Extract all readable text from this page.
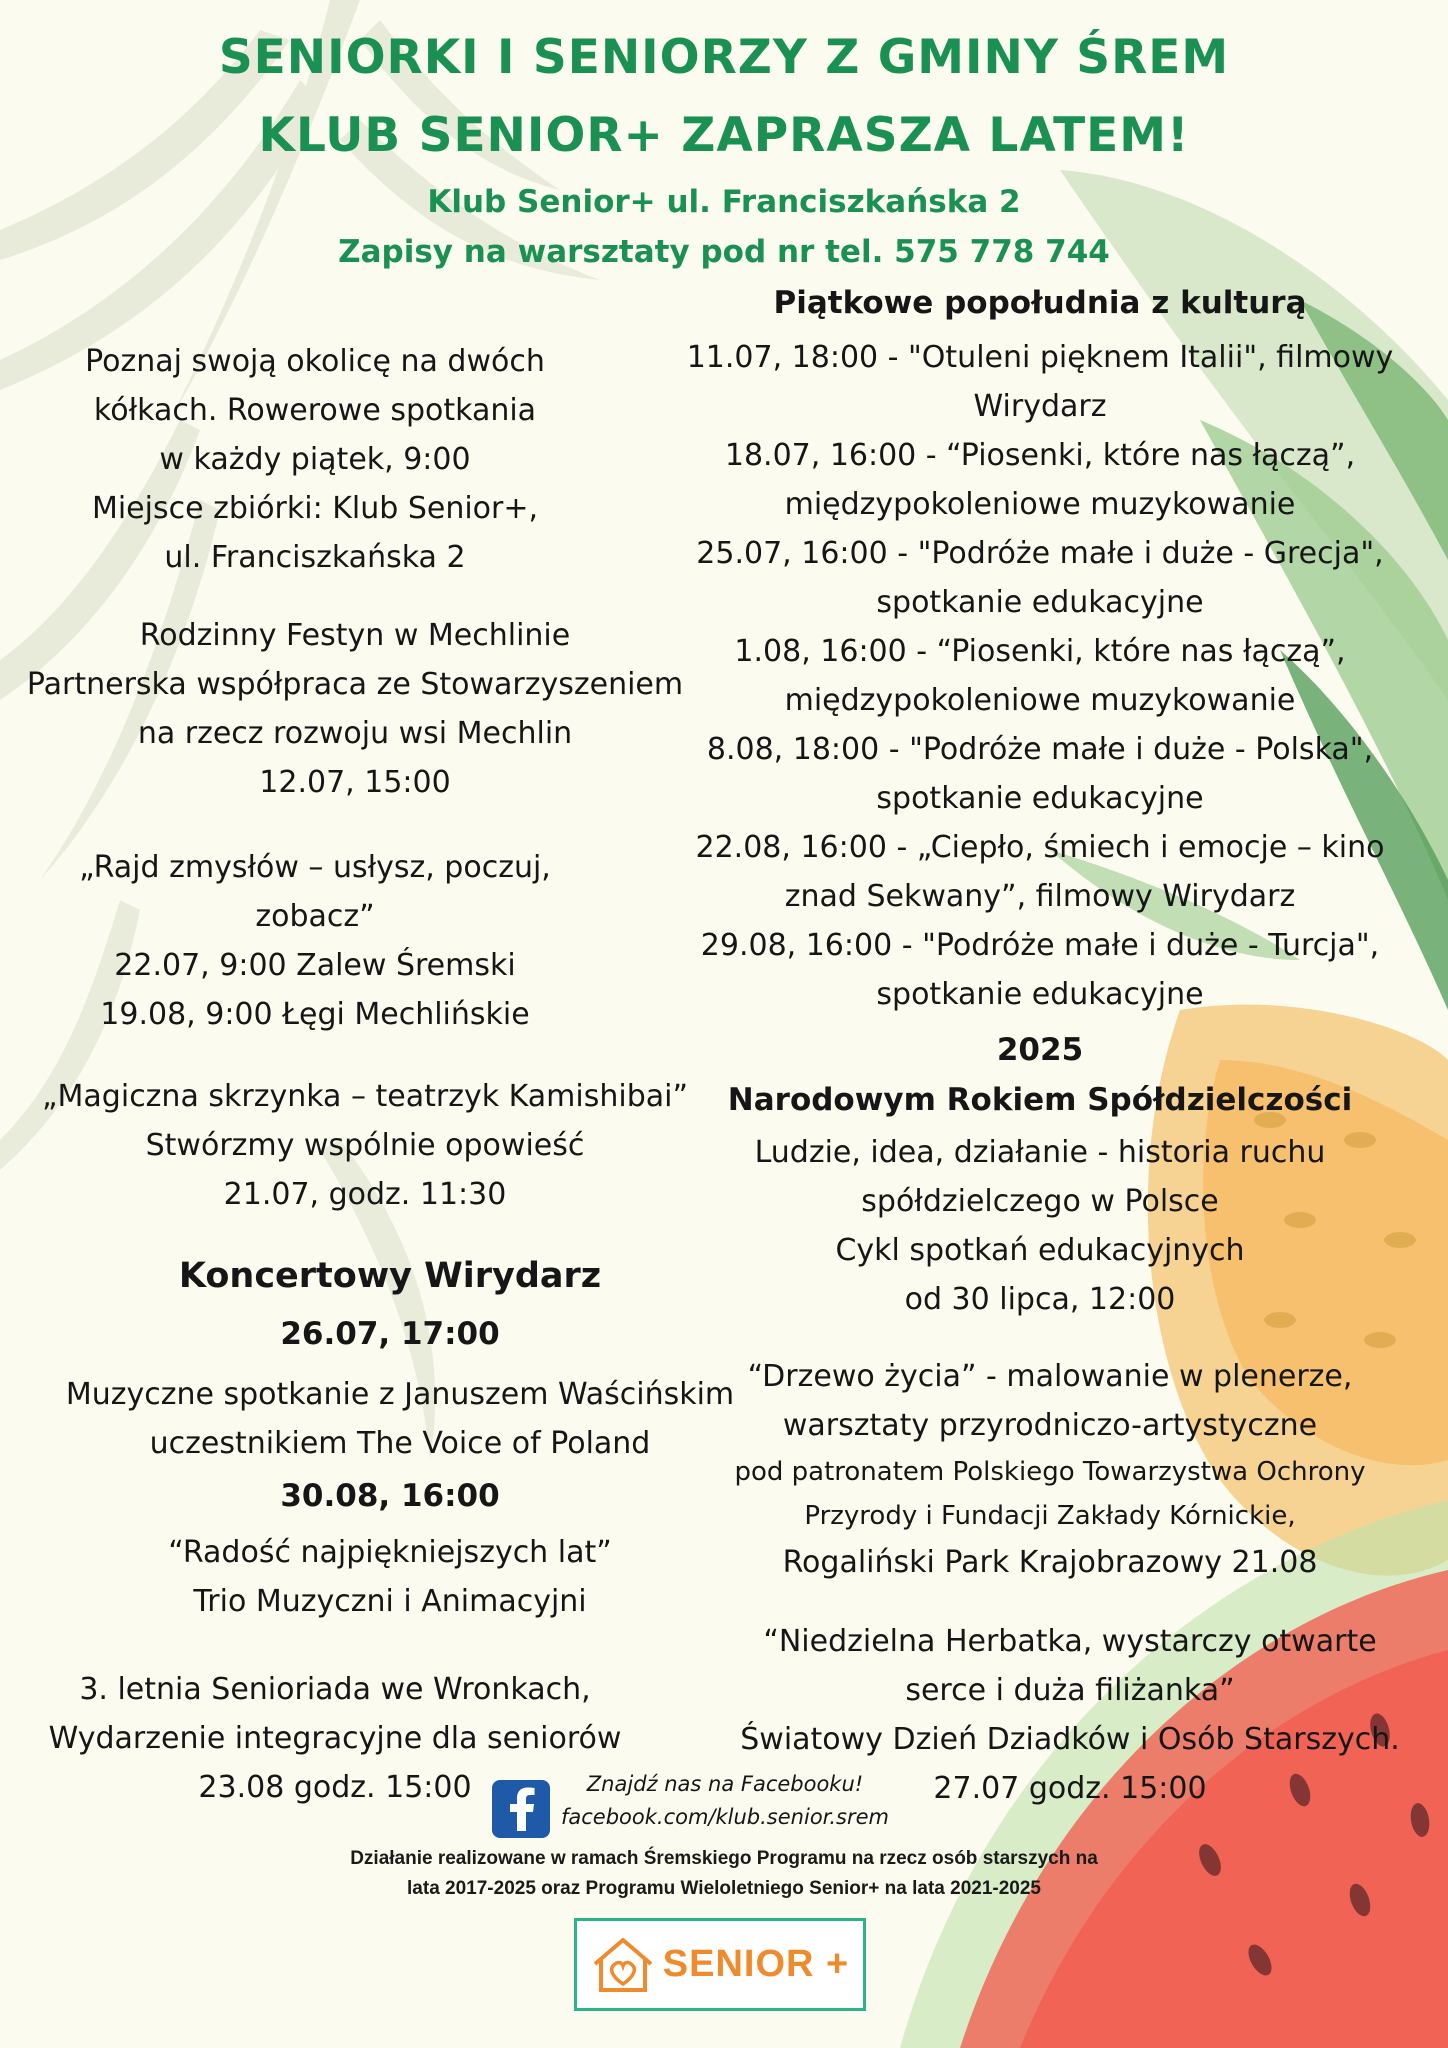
SENIORKI I SENIORZY Z GMINY ŚREM
KLUB SENIOR+ ZAPRASZA LATEM!
Klub Senior+ ul. Franciszkańska 2
Zapisy na warsztaty pod nr tel. 575 778 744

Poznaj swoją okolicę na dwóch

kółkach. Rowerowe spotkania

w każdy piątek, 9:00

Miejsce zbiórki: Klub Senior+,

ul. Franciszkańska 2

Rodzinny Festyn w Mechlinie

Partnerska współpraca ze Stowarzyszeniem

na rzecz rozwoju wsi Mechlin

12.07, 15:00

„Rajd zmysłów – usłysz, poczuj,

zobacz”

22.07, 9:00 Zalew Śremski

19.08, 9:00 Łęgi Mechlińskie

„Magiczna skrzynka – teatrzyk Kamishibai”

Stwórzmy wspólnie opowieść

21.07, godz. 11:30

Koncertowy Wirydarz
26.07, 17:00

Muzyczne spotkanie z Januszem Waścińskim

uczestnikiem The Voice of Poland

30.08, 16:00

“Radość najpiękniejszych lat”

Trio Muzyczni i Animacyjni

3. letnia Senioriada we Wronkach,

Wydarzenie integracyjne dla seniorów

23.08 godz. 15:00

Piątkowe popołudnia z kulturą

11.07, 18:00 - "Otuleni pięknem Italii", filmowy

Wirydarz

18.07, 16:00 - “Piosenki, które nas łączą”,

międzypokoleniowe muzykowanie

25.07, 16:00 - "Podróże małe i duże - Grecja",

spotkanie edukacyjne

1.08, 16:00 - “Piosenki, które nas łączą”,

międzypokoleniowe muzykowanie

8.08, 18:00 - "Podróże małe i duże - Polska",

spotkanie edukacyjne

22.08, 16:00 - „Ciepło, śmiech i emocje – kino

znad Sekwany”, filmowy Wirydarz

29.08, 16:00 - "Podróże małe i duże - Turcja",

spotkanie edukacyjne

2025
Narodowym Rokiem Spółdzielczości

Ludzie, idea, działanie - historia ruchu

spółdzielczego w Polsce

Cykl spotkań edukacyjnych

od 30 lipca, 12:00

“Drzewo życia” - malowanie w plenerze,

warsztaty przyrodniczo-artystyczne

pod patronatem Polskiego Towarzystwa Ochrony

Przyrody i Fundacji Zakłady Kórnickie,

Rogaliński Park Krajobrazowy 21.08

“Niedzielna Herbatka, wystarczy otwarte

serce i duża filiżanka”

Światowy Dzień Dziadków i Osób Starszych.

27.07 godz. 15:00

Znajdź nas na Facebooku!

facebook.com/klub.senior.srem

Działanie realizowane w ramach Śremskiego Programu na rzecz osób starszych na

lata 2017-2025 oraz Programu Wieloletniego Senior+ na lata 2021-2025

SENIOR +
